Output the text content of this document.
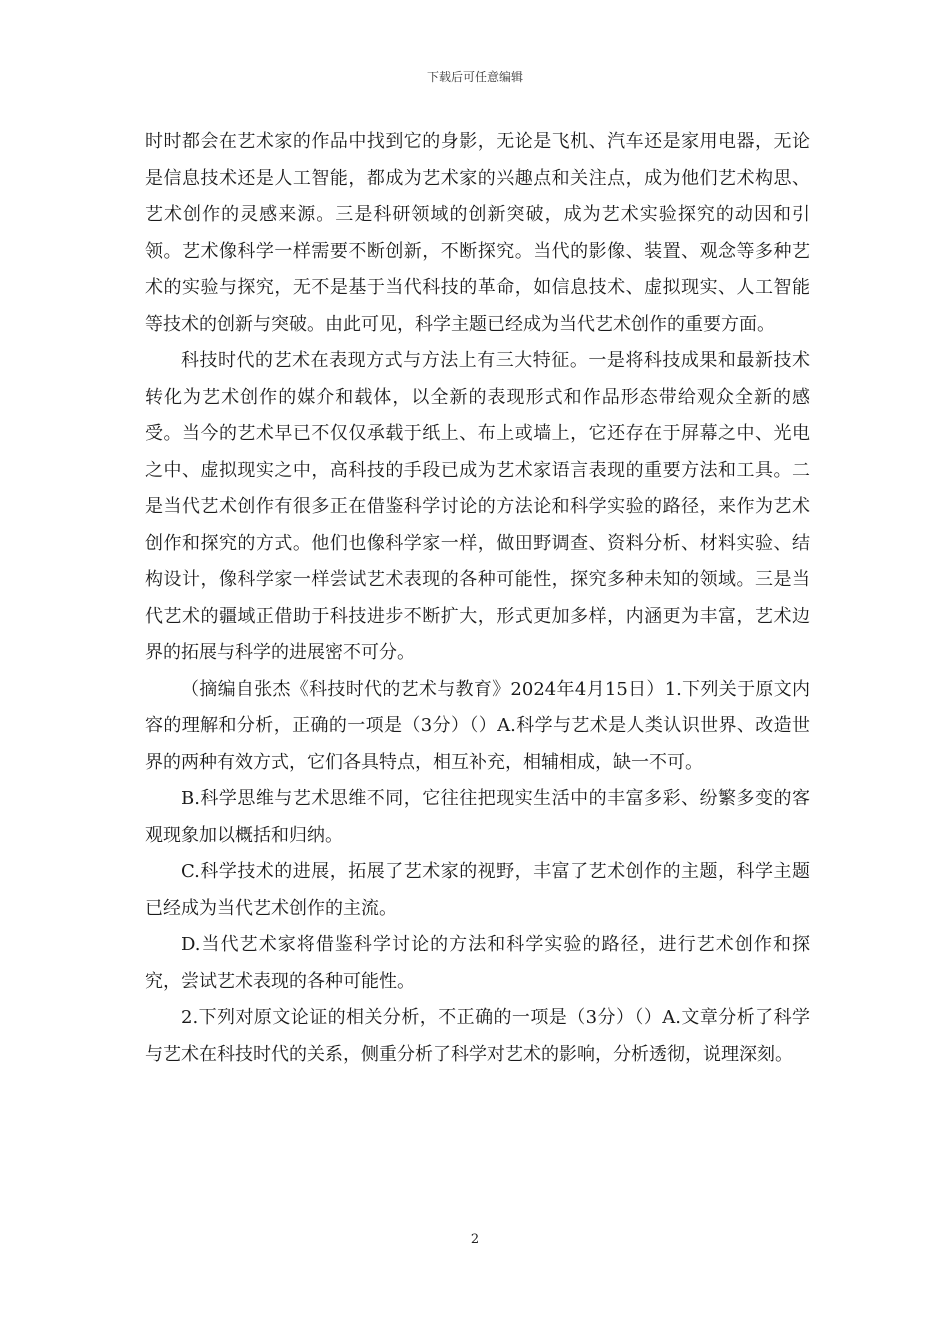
下载后可任意编辑

时时都会在艺术家的作品中找到它的身影，无论是飞机、汽车还是家用电器，无论是信息技术还是人工智能，都成为艺术家的兴趣点和关注点，成为他们艺术构思、艺术创作的灵感来源。三是科研领域的创新突破，成为艺术实验探究的动因和引领。艺术像科学一样需要不断创新，不断探究。当代的影像、装置、观念等多种艺术的实验与探究，无不是基于当代科技的革命，如信息技术、虚拟现实、人工智能等技术的创新与突破。由此可见，科学主题已经成为当代艺术创作的重要方面。

科技时代的艺术在表现方式与方法上有三大特征。一是将科技成果和最新技术转化为艺术创作的媒介和载体，以全新的表现形式和作品形态带给观众全新的感受。当今的艺术早已不仅仅承载于纸上、布上或墙上，它还存在于屏幕之中、光电之中、虚拟现实之中，高科技的手段已成为艺术家语言表现的重要方法和工具。二是当代艺术创作有很多正在借鉴科学讨论的方法论和科学实验的路径，来作为艺术创作和探究的方式。他们也像科学家一样，做田野调查、资料分析、材料实验、结构设计，像科学家一样尝试艺术表现的各种可能性，探究多种未知的领域。三是当代艺术的疆域正借助于科技进步不断扩大，形式更加多样，内涵更为丰富，艺术边界的拓展与科学的进展密不可分。

（摘编自张杰《科技时代的艺术与教育》2024年4月15日）1.下列关于原文内容的理解和分析，正确的一项是（3分）（）A.科学与艺术是人类认识世界、改造世界的两种有效方式，它们各具特点，相互补充，相辅相成，缺一不可。

B.科学思维与艺术思维不同，它往往把现实生活中的丰富多彩、纷繁多变的客观现象加以概括和归纳。

C.科学技术的进展，拓展了艺术家的视野，丰富了艺术创作的主题，科学主题已经成为当代艺术创作的主流。

D.当代艺术家将借鉴科学讨论的方法和科学实验的路径，进行艺术创作和探究，尝试艺术表现的各种可能性。

2.下列对原文论证的相关分析，不正确的一项是（3分）（）A.文章分析了科学与艺术在科技时代的关系，侧重分析了科学对艺术的影响，分析透彻，说理深刻。

2
